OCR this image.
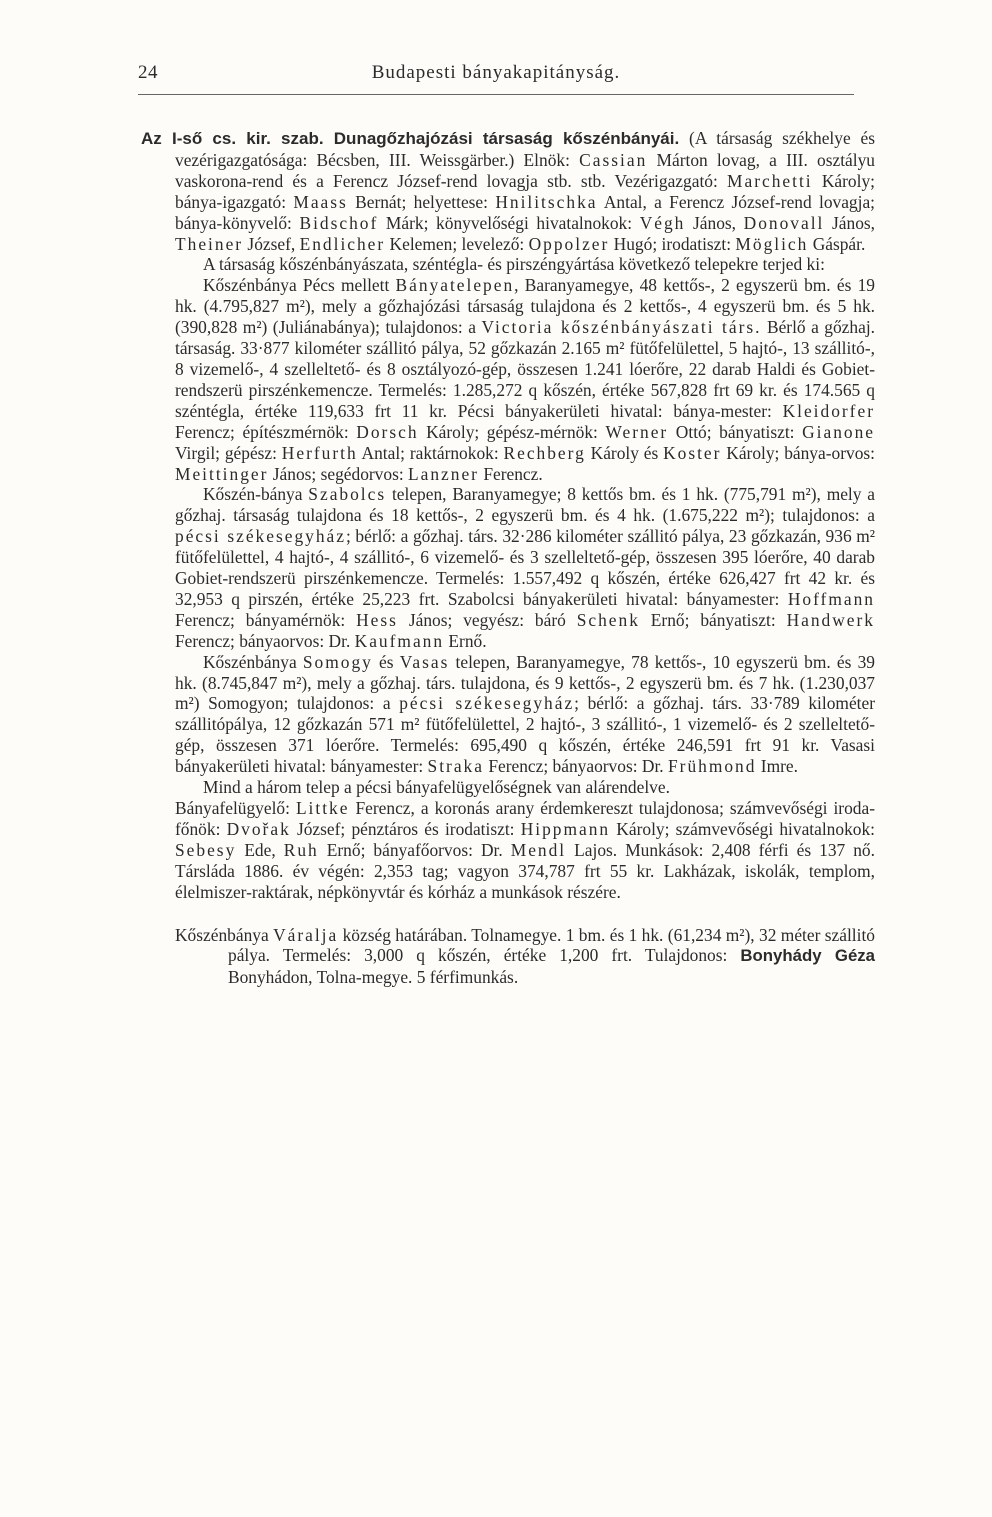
24	Budapesti bányakapitányság.

Az I-ső cs. kir. szab. Dunagőzhajózási társaság kőszénbányái. (A társaság székhelye és vezérigazgatósága: Bécsben, III. Weissgärber.) Elnök: Cassian Márton lovag, a III. osztályu vaskorona-rend és a Ferencz József-rend lovagja stb. stb. Vezérigazgató: Marchetti Károly; bánya-igazgató: Maass Bernát; helyettese: Hnilitschka Antal, a Ferencz József-rend lovagja; bánya-könyvelő: Bidschof Márk; könyvelőségi hivatalnokok: Végh János, Donovall János, Theiner József, Endlicher Kelemen; levelező: Oppolzer Hugó; irodatiszt: Möglich Gáspár.

A társaság kőszénbányászata, széntégla- és pirszéngyártása következő telepekre terjed ki:

Kőszénbánya Pécs mellett Bányatelepen, Baranyamegye, 48 kettős-, 2 egyszerü bm. és 19 hk. (4.795,827 m²), mely a gőzhajózási társaság tulajdona és 2 kettős-, 4 egyszerü bm. és 5 hk. (390,828 m²) (Juliánabánya); tulajdonos: a Victoria kőszénbányászati társ. Bérlő a gőzhaj. társaság. 33·877 kilométer szállitó pálya, 52 gőzkazán 2.165 m² fütőfelülettel, 5 hajtó-, 13 szállitó-, 8 vizemelő-, 4 szelleltető- és 8 osztályozó-gép, összesen 1.241 lóerőre, 22 darab Haldi és Gobiet-rendszerü pirszénkemencze. Termelés: 1.285,272 q kőszén, értéke 567,828 frt 69 kr. és 174.565 q széntégla, értéke 119,633 frt 11 kr. Pécsi bányakerületi hivatal: bánya-mester: Kleidorfer Ferencz; építészmérnök: Dorsch Károly; gépész-mérnök: Werner Ottó; bányatiszt: Gianone Virgil; gépész: Herfurth Antal; raktárnokok: Rechberg Károly és Koster Károly; bánya-orvos: Meittinger János; segédorvos: Lanzner Ferencz.

Kőszén-bánya Szabolcs telepen, Baranyamegye; 8 kettős bm. és 1 hk. (775,791 m²), mely a gőzhaj. társaság tulajdona és 18 kettős-, 2 egyszerü bm. és 4 hk. (1.675,222 m²); tulajdonos: a pécsi székesegyház; bérlő: a gőzhaj. társ. 32·286 kilométer szállitó pálya, 23 gőzkazán, 936 m² fütőfelülettel, 4 hajtó-, 4 szállitó-, 6 vizemelő- és 3 szelleltető-gép, összesen 395 lóerőre, 40 darab Gobiet-rendszerü pirszénkemencze. Termelés: 1.557,492 q kőszén, értéke 626,427 frt 42 kr. és 32,953 q pirszén, értéke 25,223 frt. Szabolcsi bányakerületi hivatal: bányamester: Hoffmann Ferencz; bányamérnök: Hess János; vegyész: báró Schenk Ernő; bányatiszt: Handwerk Ferencz; bányaorvos: Dr. Kaufmann Ernő.

Kőszénbánya Somogy és Vasas telepen, Baranyamegye, 78 kettős-, 10 egyszerü bm. és 39 hk. (8.745,847 m²), mely a gőzhaj. társ. tulajdona, és 9 kettős-, 2 egyszerü bm. és 7 hk. (1.230,037 m²) Somogyon; tulajdonos: a pécsi székesegyház; bérlő: a gőzhaj. társ. 33·789 kilométer szállitópálya, 12 gőzkazán 571 m² fütőfelülettel, 2 hajtó-, 3 szállitó-, 1 vizemelő- és 2 szelleltető-gép, összesen 371 lóerőre. Termelés: 695,490 q kőszén, értéke 246,591 frt 91 kr. Vasasi bányakerületi hivatal: bányamester: Straka Ferencz; bányaorvos: Dr. Frühmond Imre.

Mind a három telep a pécsi bányafelügyelőségnek van alárendelve.

Bányafelügyelő: Littke Ferencz, a koronás arany érdemkereszt tulajdonosa; számvevőségi iroda-főnök: Dvořak József; pénztáros és irodatiszt: Hippmann Károly; számvevőségi hivatalnokok: Sebesy Ede, Ruh Ernő; bányafőorvos: Dr. Mendl Lajos. Munkások: 2,408 férfi és 137 nő. Társláda 1886. év végén: 2,353 tag; vagyon 374,787 frt 55 kr. Lakházak, iskolák, templom, élelmiszer-raktárak, népkönyvtár és kórház a munkások részére.

Kőszénbánya Váralja község határában. Tolnamegye. 1 bm. és 1 hk. (61,234 m²), 32 méter szállitó pálya. Termelés: 3,000 q kőszén, értéke 1,200 frt. Tulajdonos: Bonyhády Géza Bonyhádon, Tolna-megye. 5 férfimunkás.
